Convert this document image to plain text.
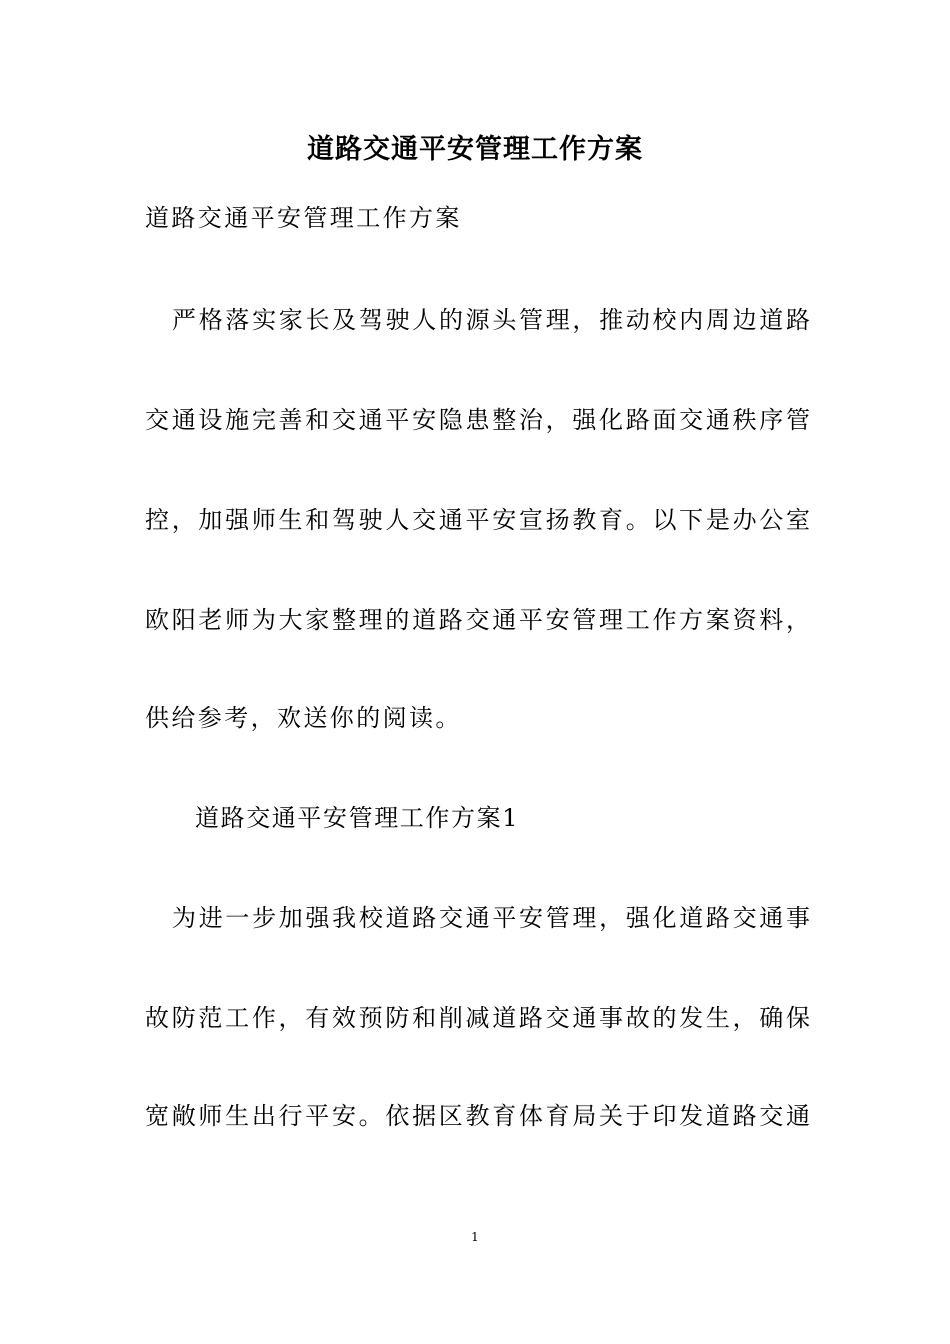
道路交通平安管理工作方案
道路交通平安管理工作方案
严格落实家长及驾驶人的源头管理，推动校内周边道路
交通设施完善和交通平安隐患整治，强化路面交通秩序管
控，加强师生和驾驶人交通平安宣扬教育。以下是办公室
欧阳老师为大家整理的道路交通平安管理工作方案资料，
供给参考，欢送你的阅读。
道路交通平安管理工作方案1
为进一步加强我校道路交通平安管理，强化道路交通事
故防范工作，有效预防和削减道路交通事故的发生，确保
宽敞师生出行平安。依据区教育体育局关于印发道路交通
1
